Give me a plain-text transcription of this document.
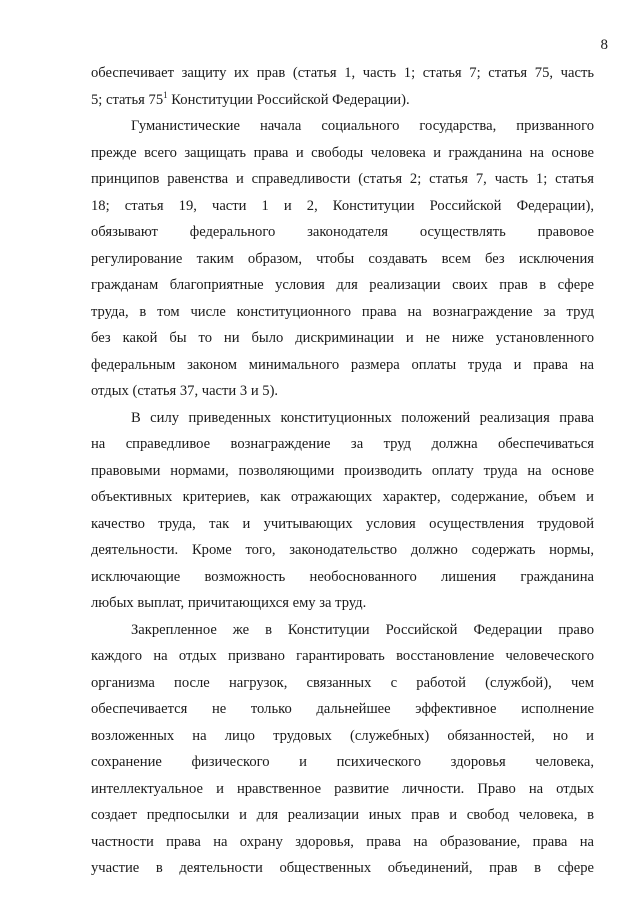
8
обеспечивает защиту их прав (статья 1, часть 1; статья 7; статья 75, часть
5; статья $75^1$ Конституции Российской Федерации).
Гуманистические начала социального государства, призванного
прежде всего защищать права и свободы человека и гражданина на основе
принципов равенства и справедливости (статья 2; статья 7, часть 1; статья
18; статья 19, части 1 и 2, Конституции Российской Федерации),
обязывают федерального законодателя осуществлять правовое
регулирование таким образом, чтобы создавать всем без исключения
гражданам благоприятные условия для реализации своих прав в сфере
труда, в том числе конституционного права на вознаграждение за труд
без какой бы то ни было дискриминации и не ниже установленного
федеральным законом минимального размера оплаты труда и права на
отдых (статья 37, части 3 и 5).
В силу приведенных конституционных положений реализация права
на справедливое вознаграждение за труд должна обеспечиваться
правовыми нормами, позволяющими производить оплату труда на основе
объективных критериев, как отражающих характер, содержание, объем и
качество труда, так и учитывающих условия осуществления трудовой
деятельности. Кроме того, законодательство должно содержать нормы,
исключающие возможность необоснованного лишения гражданина
любых выплат, причитающихся ему за труд.
Закрепленное же в Конституции Российской Федерации право
каждого на отдых призвано гарантировать восстановление человеческого
организма после нагрузок, связанных с работой (службой), чем
обеспечивается не только дальнейшее эффективное исполнение
возложенных на лицо трудовых (служебных) обязанностей, но и
сохранение физического и психического здоровья человека,
интеллектуальное и нравственное развитие личности. Право на отдых
создает предпосылки и для реализации иных прав и свобод человека, в
частности права на охрану здоровья, права на образование, права на
участие в деятельности общественных объединений, прав в сфере
